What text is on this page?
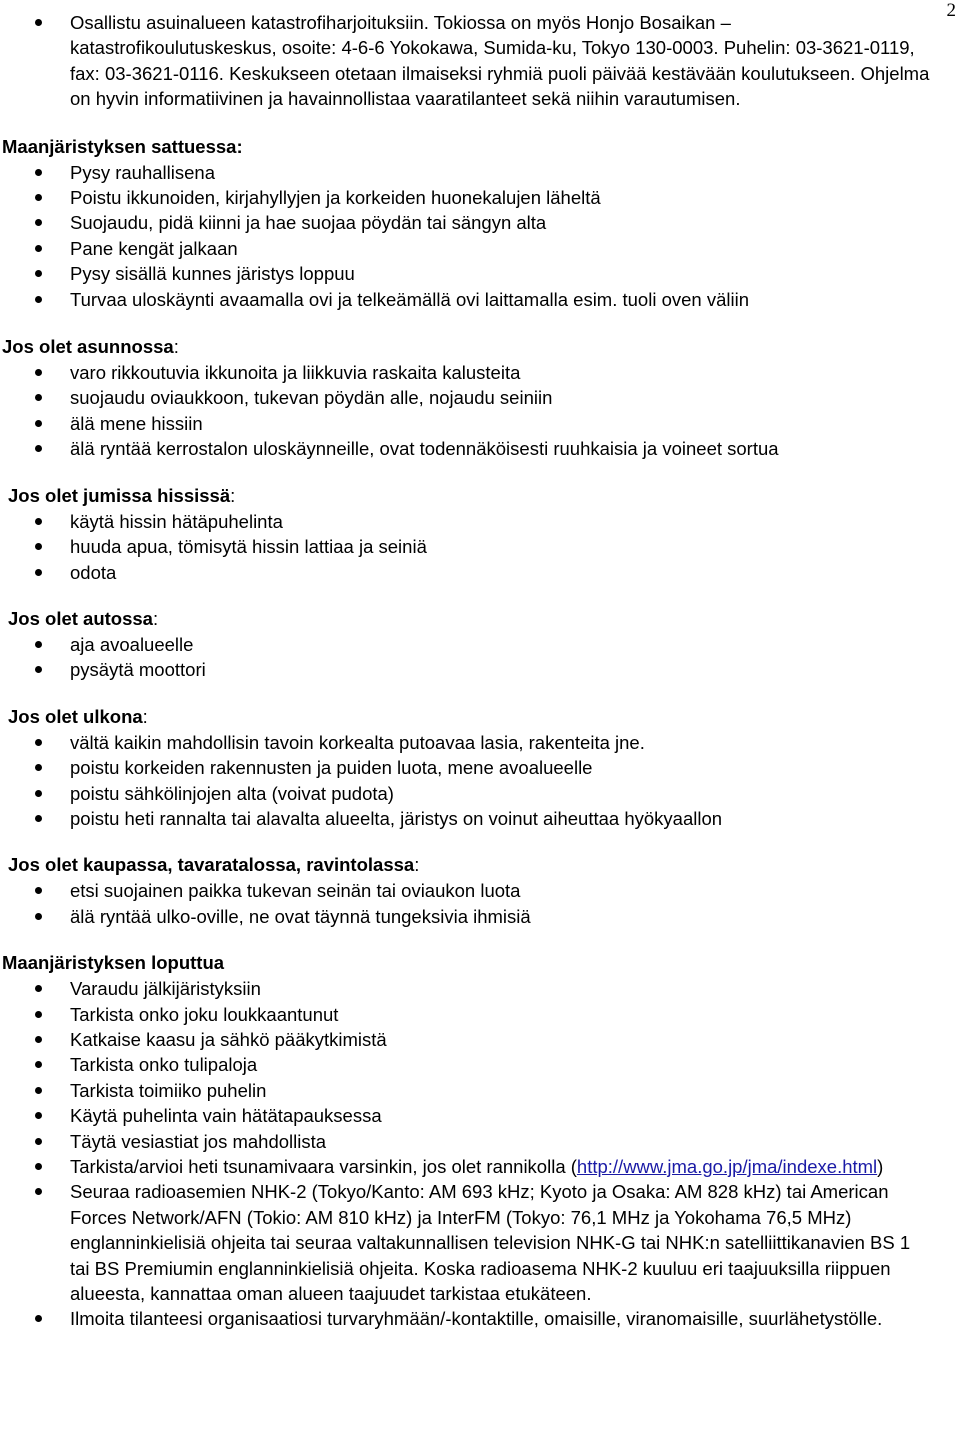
2
Osallistu asuinalueen katastrofiharjoituksiin. Tokiossa on myös Honjo Bosaikan – katastrofikoulutuskeskus, osoite: 4-6-6 Yokokawa, Sumida-ku, Tokyo 130-0003. Puhelin: 03-3621-0119, fax: 03-3621-0116. Keskukseen otetaan ilmaiseksi ryhmiä puoli päivää kestävään koulutukseen. Ohjelma on hyvin informatiivinen ja havainnollistaa vaaratilanteet sekä niihin varautumisen.

Maanjäristyksen sattuessa:

Pysy rauhallisena
Poistu ikkunoiden, kirjahyllyjen ja korkeiden huonekalujen läheltä
Suojaudu, pidä kiinni ja hae suojaa pöydän tai sängyn alta
Pane kengät jalkaan
Pysy sisällä kunnes järistys loppuu
Turvaa uloskäynti avaamalla ovi ja telkeämällä ovi laittamalla esim. tuoli oven väliin

Jos olet asunnossa:

varo rikkoutuvia ikkunoita ja liikkuvia raskaita kalusteita
suojaudu oviaukkoon, tukevan pöydän alle, nojaudu seiniin
älä mene hissiin
älä ryntää kerrostalon uloskäynneille, ovat todennäköisesti ruuhkaisia ja voineet sortua

Jos olet jumissa hississä:

käytä hissin hätäpuhelinta
huuda apua, tömisytä hissin lattiaa ja seiniä
odota

Jos olet autossa:

aja avoalueelle
pysäytä moottori

Jos olet ulkona:

vältä kaikin mahdollisin tavoin korkealta putoavaa lasia, rakenteita jne.
poistu korkeiden rakennusten ja puiden luota, mene avoalueelle
poistu sähkölinjojen alta (voivat pudota)
poistu heti rannalta tai alavalta alueelta, järistys on voinut aiheuttaa hyökyaallon

Jos olet kaupassa, tavaratalossa, ravintolassa:

etsi suojainen paikka tukevan seinän tai oviaukon luota
älä ryntää ulko-oville, ne ovat täynnä tungeksivia ihmisiä

Maanjäristyksen loputtua

Varaudu jälkijäristyksiin
Tarkista onko joku loukkaantunut
Katkaise kaasu ja sähkö pääkytkimistä
Tarkista onko tulipaloja
Tarkista toimiiko puhelin
Käytä puhelinta vain hätätapauksessa
Täytä vesiastiat jos mahdollista
Tarkista/arvioi heti tsunamivaara varsinkin, jos olet rannikolla (http://www.jma.go.jp/jma/indexe.html)
Seuraa radioasemien NHK-2 (Tokyo/Kanto: AM 693 kHz; Kyoto ja Osaka: AM 828 kHz) tai American Forces Network/AFN (Tokio: AM 810 kHz) ja InterFM (Tokyo: 76,1 MHz ja Yokohama 76,5 MHz) englanninkielisiä ohjeita tai seuraa valtakunnallisen television NHK-G tai NHK:n satelliittikanavien BS 1 tai BS Premiumin englanninkielisiä ohjeita. Koska radioasema NHK-2 kuuluu eri taajuuksilla riippuen alueesta, kannattaa oman alueen taajuudet tarkistaa etukäteen.
Ilmoita tilanteesi organisaatiosi turvaryhmään/-kontaktille, omaisille, viranomaisille, suurlähetystölle.
